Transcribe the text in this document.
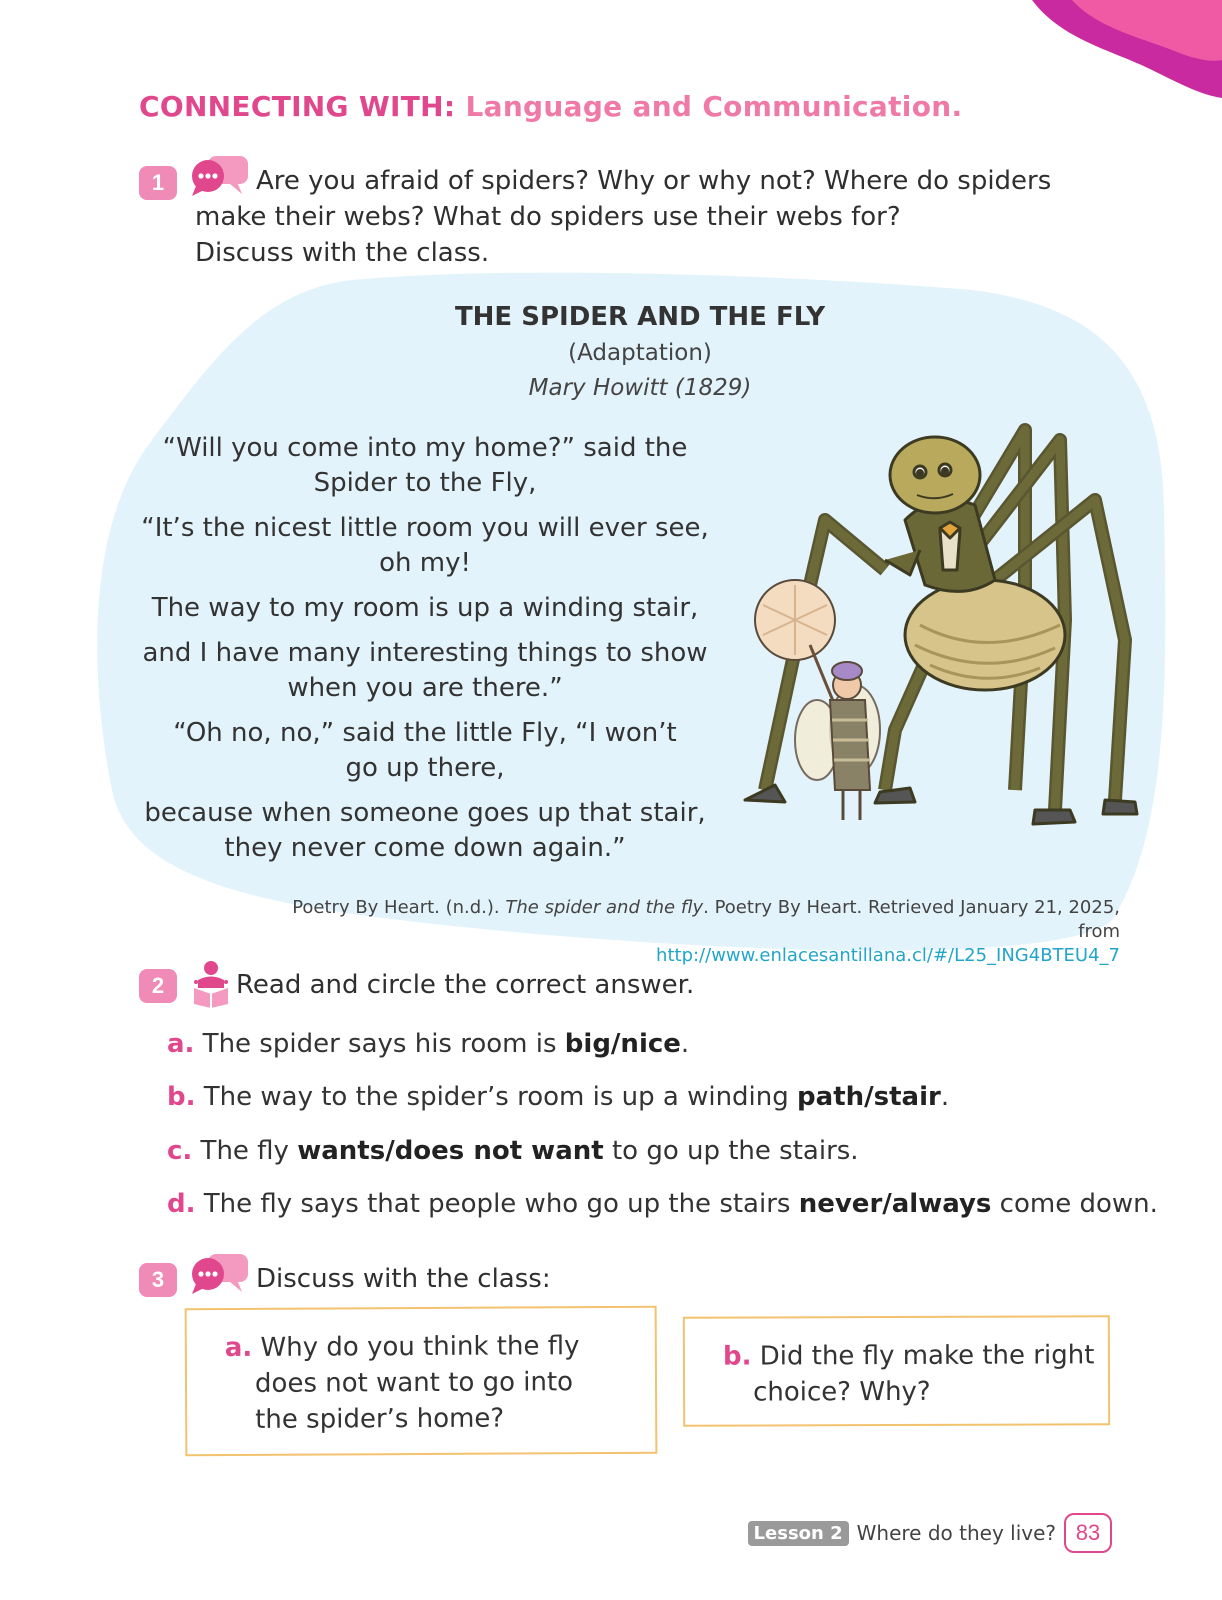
CONNECTING WITH: Language and Communication.
1	Are you afraid of spiders? Why or why not? Where do spiders
make their webs? What do spiders use their webs for?
Discuss with the class.
THE SPIDER AND THE FLY
(Adaptation)
Mary Howitt (1829)
“Will you come into my home?” said the
Spider to the Fly,
“It’s the nicest little room you will ever see,
oh my!
The way to my room is up a winding stair,
and I have many interesting things to show
when you are there.”
“Oh no, no,” said the little Fly, “I won’t
go up there,
because when someone goes up that stair,
they never come down again.”
Poetry By Heart. (n.d.). The spider and the fly. Poetry By Heart. Retrieved January 21, 2025, from
http://www.enlacesantillana.cl/#/L25_ING4BTEU4_7
2	Read and circle the correct answer.
a. The spider says his room is big/nice.
b. The way to the spider’s room is up a winding path/stair.
c. The fly wants/does not want to go up the stairs.
d. The fly says that people who go up the stairs never/always come down.
3	Discuss with the class:
a. Why do you think the fly
does not want to go into
the spider’s home?
b. Did the fly make the right
choice? Why?
Lesson 2 Where do they live? 83
